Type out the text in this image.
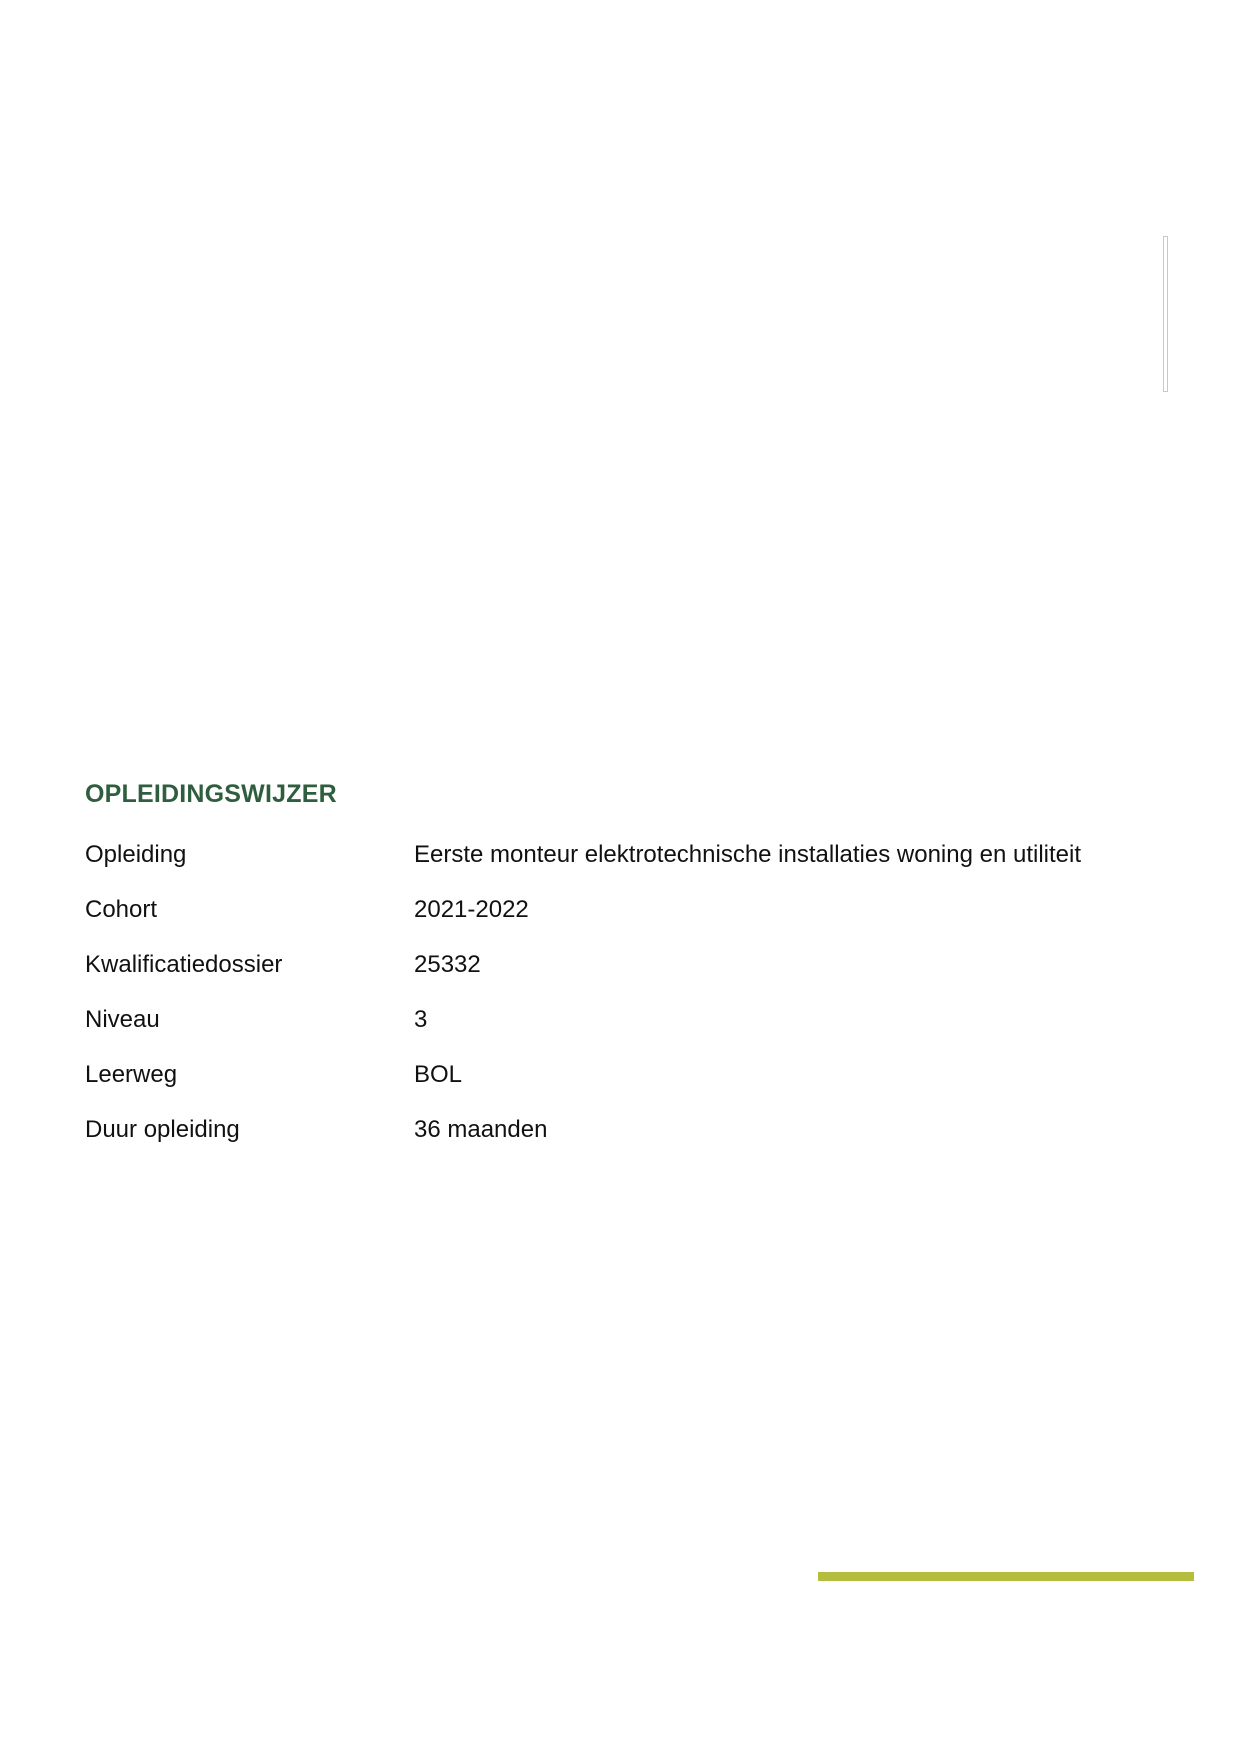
OPLEIDINGSWIJZER
Opleiding	Eerste monteur elektrotechnische installaties woning en utiliteit
Cohort	2021-2022
Kwalificatiedossier	25332
Niveau	3
Leerweg	BOL
Duur opleiding	36 maanden
